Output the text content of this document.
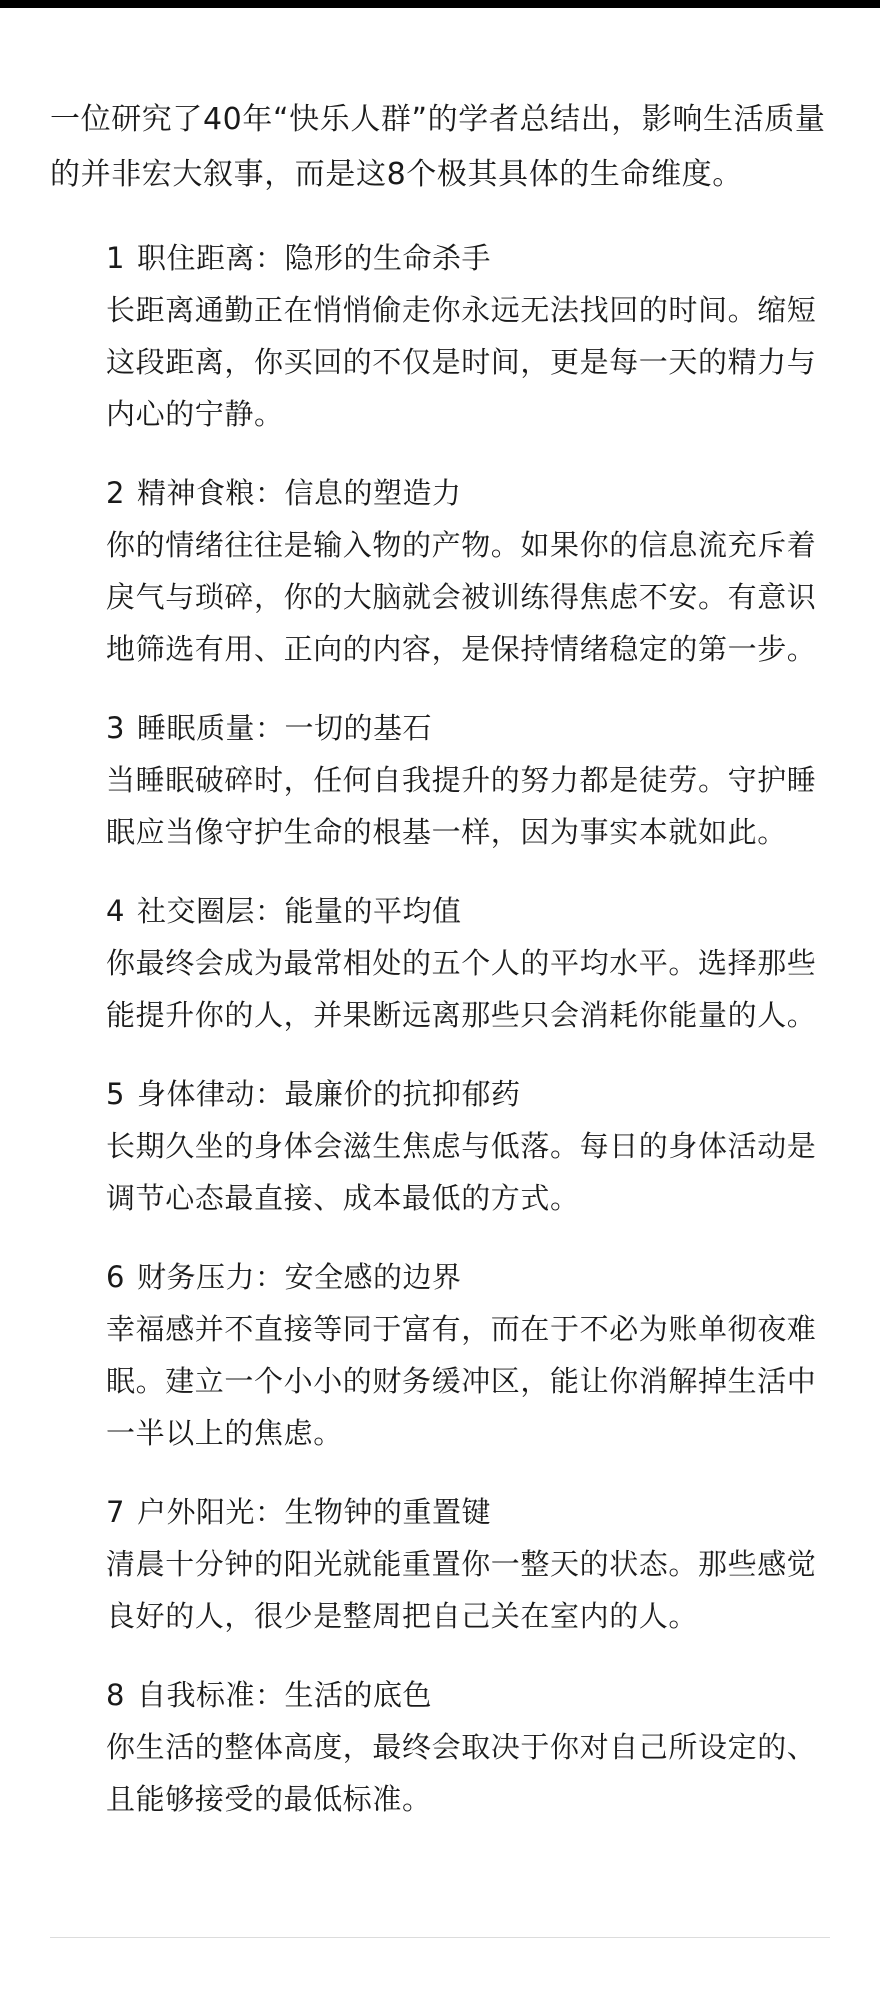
一位研究了40年“快乐人群”的学者总结出，影响生活质量的并非宏大叙事，而是这8个极其具体的生命维度。

1 职住距离：隐形的生命杀手
长距离通勤正在悄悄偷走你永远无法找回的时间。缩短这段距离，你买回的不仅是时间，更是每一天的精力与内心的宁静。
2 精神食粮：信息的塑造力
你的情绪往往是输入物的产物。如果你的信息流充斥着戾气与琐碎，你的大脑就会被训练得焦虑不安。有意识地筛选有用、正向的内容，是保持情绪稳定的第一步。
3 睡眠质量：一切的基石
当睡眠破碎时，任何自我提升的努力都是徒劳。守护睡眠应当像守护生命的根基一样，因为事实本就如此。
4 社交圈层：能量的平均值
你最终会成为最常相处的五个人的平均水平。选择那些能提升你的人，并果断远离那些只会消耗你能量的人。
5 身体律动：最廉价的抗抑郁药
长期久坐的身体会滋生焦虑与低落。每日的身体活动是调节心态最直接、成本最低的方式。
6 财务压力：安全感的边界
幸福感并不直接等同于富有，而在于不必为账单彻夜难眠。建立一个小小的财务缓冲区，能让你消解掉生活中一半以上的焦虑。
7 户外阳光：生物钟的重置键
清晨十分钟的阳光就能重置你一整天的状态。那些感觉良好的人，很少是整周把自己关在室内的人。
8 自我标准：生活的底色
你生活的整体高度，最终会取决于你对自己所设定的、且能够接受的最低标准。
